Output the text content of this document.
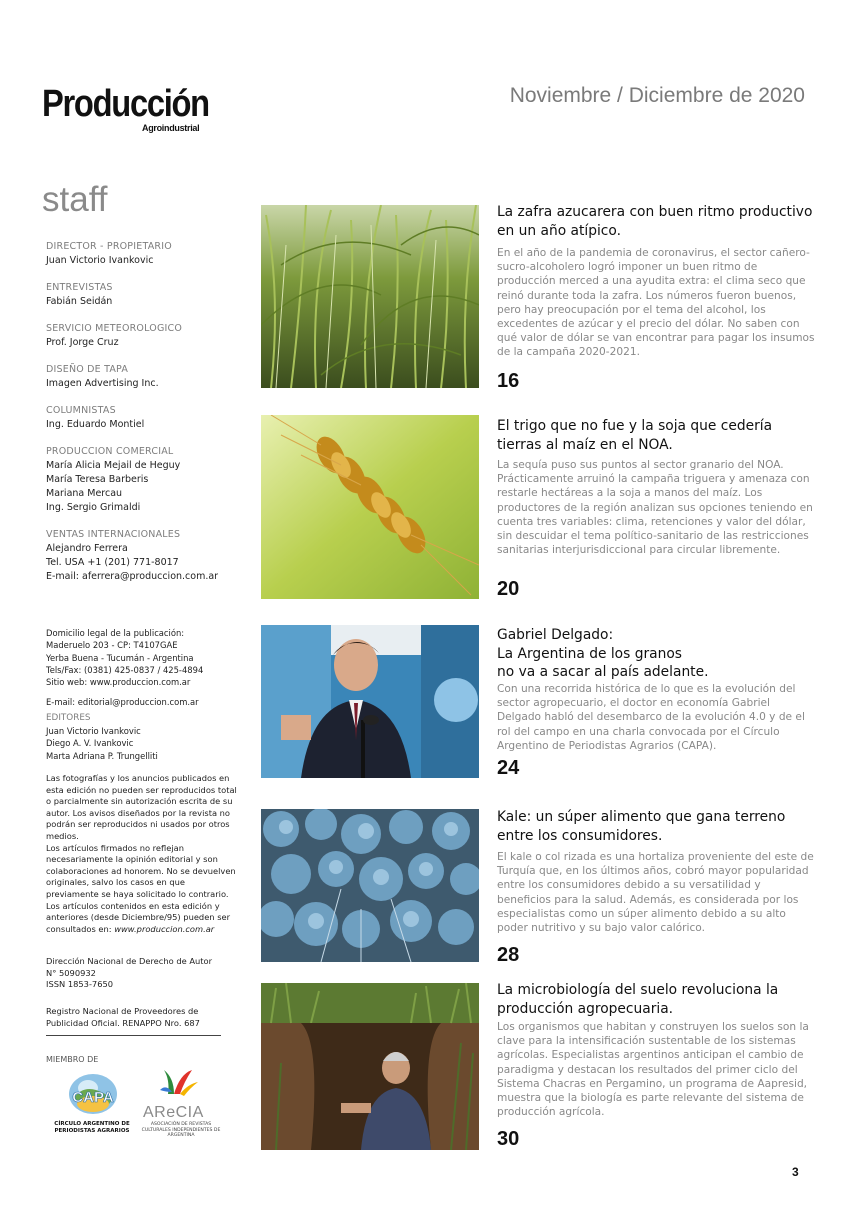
Producción
Agroindustrial
Noviembre / Diciembre de 2020
staff
DIRECTOR - PROPIETARIO
Juan Victorio Ivankovic
ENTREVISTAS
Fabián Seidán
SERVICIO METEOROLOGICO
Prof. Jorge Cruz
DISEÑO DE TAPA
Imagen Advertising Inc.
COLUMNISTAS
Ing. Eduardo Montiel
PRODUCCION COMERCIAL
María Alicia Mejail de Heguy
María Teresa Barberis
Mariana Mercau
Ing. Sergio Grimaldi
VENTAS INTERNACIONALES
Alejandro Ferrera
Tel. USA +1 (201) 771-8017
E-mail: aferrera@produccion.com.ar
Domicilio legal de la publicación:
Maderuelo 203 - CP: T4107GAE
Yerba Buena - Tucumán - Argentina
Tels/Fax: (0381) 425-0837 / 425-4894
Sitio web: www.produccion.com.ar
E-mail: editorial@produccion.com.ar
EDITORES
Juan Victorio Ivankovic
Diego A. V. Ivankovic
Marta Adriana P. Trungelliti

Las fotografías y los anuncios publicados en esta edición no pueden ser reproducidos total o parcialmente sin autorización escrita de su autor. Los avisos diseñados por la revista no podrán ser reproducidos ni usados por otros medios.

Los artículos firmados no reflejan necesariamente la opinión editorial y son colaboraciones ad honorem. No se devuelven originales, salvo los casos en que previamente se haya solicitado lo contrario.

Los artículos contenidos en esta edición y anteriores (desde Diciembre/95) pueden ser consultados en: www.produccion.com.ar

Dirección Nacional de Derecho de Autor
N° 5090932
ISSN 1853-7650
Registro Nacional de Proveedores de Publicidad Oficial. RENAPPO Nro. 687
MIEMBRO DE
CAPA
CÍRCULO ARGENTINO DE PERIODISTAS AGRARIOS
AReCIA
ASOCIACIÓN DE REVISTAS CULTURALES INDEPENDIENTES DE ARGENTINA
La zafra azucarera con buen ritmo productivo en un año atípico.
En el año de la pandemia de coronavirus, el sector cañero-sucro-alcoholero logró imponer un buen ritmo de producción merced a una ayudita extra: el clima seco que reinó durante toda la zafra. Los números fueron buenos, pero hay preocupación por el tema del alcohol, los excedentes de azúcar y el precio del dólar. No saben con qué valor de dólar se van encontrar para pagar los insumos de la campaña 2020-2021.
16
El trigo que no fue y la soja que cedería tierras al maíz en el NOA.
La sequía puso sus puntos al sector granario del NOA. Prácticamente arruinó la campaña triguera y amenaza con restarle hectáreas a la soja a manos del maíz. Los productores de la región analizan sus opciones teniendo en cuenta tres variables: clima, retenciones y valor del dólar, sin descuidar el tema político-sanitario de las restricciones sanitarias interjurisdiccional para circular libremente.
20
Gabriel Delgado:
La Argentina de los granos
no va a sacar al país adelante.
Con una recorrida histórica de lo que es la evolución del sector agropecuario, el doctor en economía Gabriel Delgado habló del desembarco de la evolución 4.0 y de el rol del campo en una charla convocada por el Círculo Argentino de Periodistas Agrarios (CAPA).
24
Kale: un súper alimento que gana terreno entre los consumidores.
El kale o col rizada es una hortaliza proveniente del este de Turquía que, en los últimos años, cobró mayor popularidad entre los consumidores debido a su versatilidad y beneficios para la salud. Además, es considerada por los especialistas como un súper alimento debido a su alto poder nutritivo y su bajo valor calórico.
28
La microbiología del suelo revoluciona la producción agropecuaria.
Los organismos que habitan y construyen los suelos son la clave para la intensificación sustentable de los sistemas agrícolas. Especialistas argentinos anticipan el cambio de paradigma y destacan los resultados del primer ciclo del Sistema Chacras en Pergamino, un programa de Aapresid, muestra que la biología es parte relevante del sistema de producción agrícola.
30
3
